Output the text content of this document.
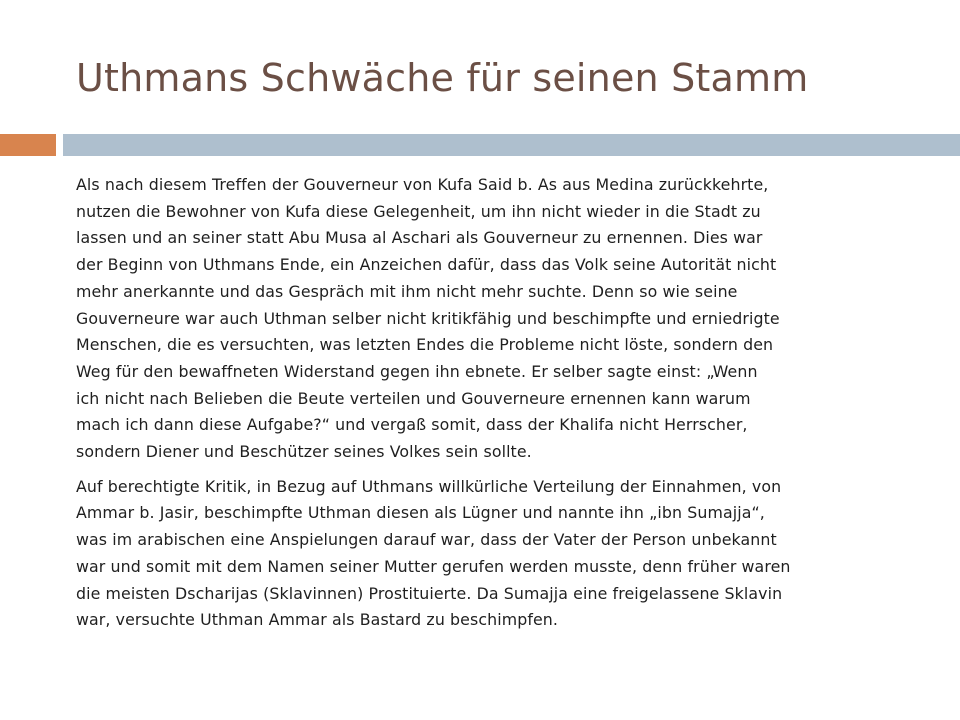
Uthmans Schwäche für seinen Stamm

Als nach diesem Treffen der Gouverneur von Kufa Said b. As aus Medina zurückkehrte,
nutzen die Bewohner von Kufa diese Gelegenheit, um ihn nicht wieder in die Stadt zu
lassen und an seiner statt Abu Musa al Aschari als Gouverneur zu ernennen. Dies war
der Beginn von Uthmans Ende, ein Anzeichen dafür, dass das Volk seine Autorität nicht
mehr anerkannte und das Gespräch mit ihm nicht mehr suchte. Denn so wie seine
Gouverneure war auch Uthman selber nicht kritikfähig und beschimpfte und erniedrigte
Menschen, die es versuchten, was letzten Endes die Probleme nicht löste, sondern den
Weg für den bewaffneten Widerstand gegen ihn ebnete. Er selber sagte einst: „Wenn
ich nicht nach Belieben die Beute verteilen und Gouverneure ernennen kann warum
mach ich dann diese Aufgabe?“ und vergaß somit, dass der Khalifa nicht Herrscher,
sondern Diener und Beschützer seines Volkes sein sollte.

Auf berechtigte Kritik, in Bezug auf Uthmans willkürliche Verteilung der Einnahmen, von
Ammar b. Jasir, beschimpfte Uthman diesen als Lügner und nannte ihn „ibn Sumajja“,
was im arabischen eine Anspielungen darauf war, dass der Vater der Person unbekannt
war und somit mit dem Namen seiner Mutter gerufen werden musste, denn früher waren
die meisten Dscharijas (Sklavinnen) Prostituierte. Da Sumajja eine freigelassene Sklavin
war, versuchte Uthman Ammar als Bastard zu beschimpfen.
